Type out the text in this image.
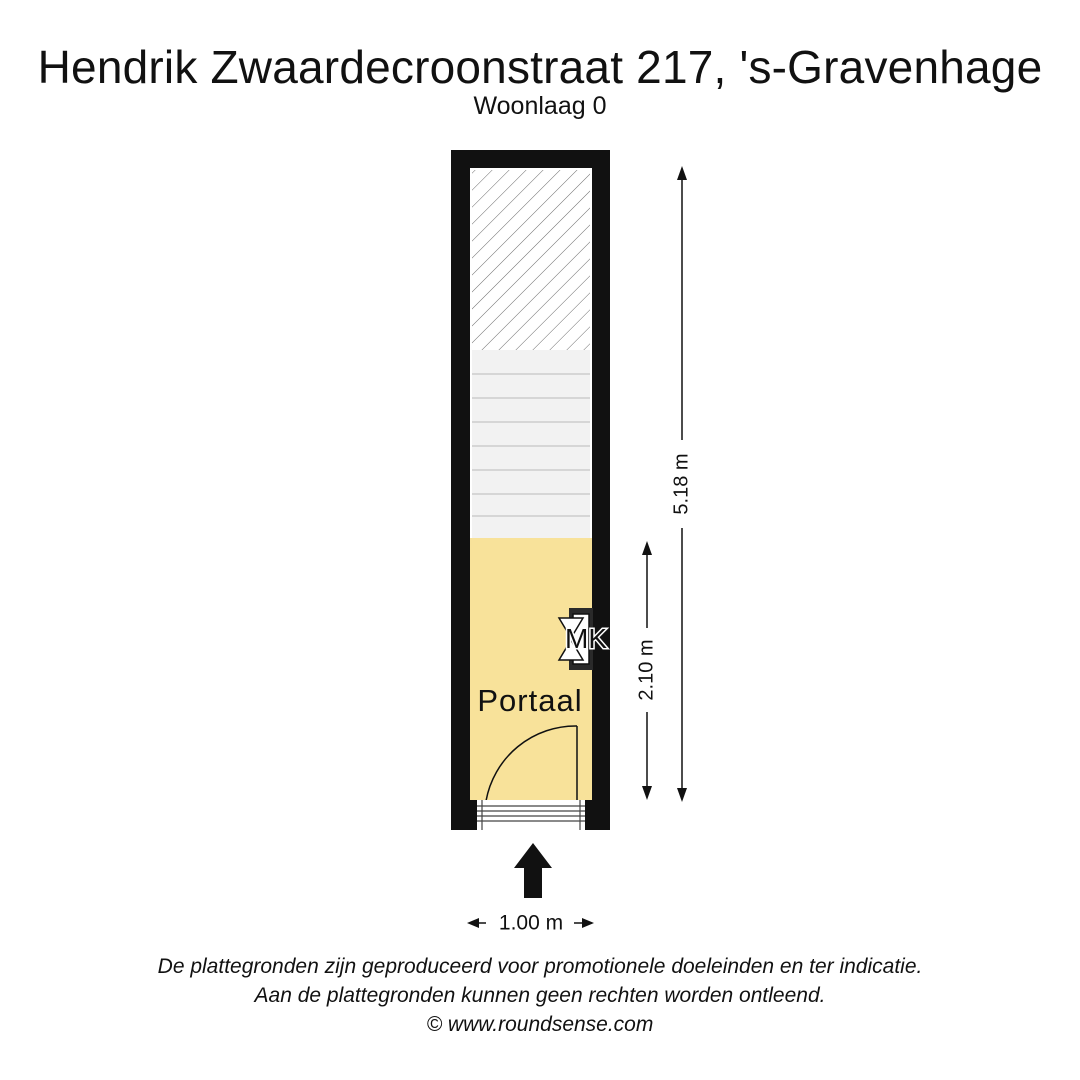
Hendrik Zwaardecroonstraat 217, 's-Gravenhage
Woonlaag 0
MK
Portaal
5.18 m
2.10 m
1.00 m
De plattegronden zijn geproduceerd voor promotionele doeleinden en ter indicatie.
Aan de plattegronden kunnen geen rechten worden ontleend.
© www.roundsense.com
